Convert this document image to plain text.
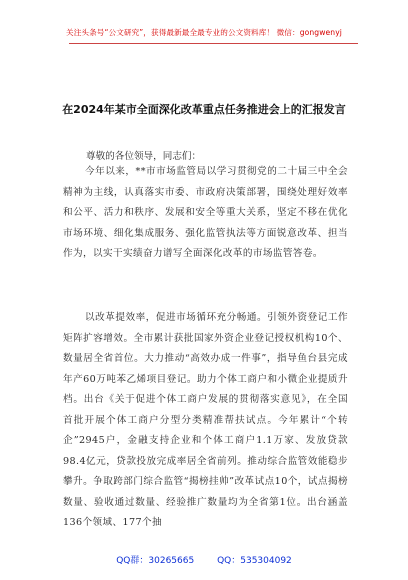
关注头条号“公文研究”，获得最新最全最专业的公文资料库！ 微信：gongwenyj
在2024年某市全面深化改革重点任务推进会上的汇报发言
尊敬的各位领导，同志们：
今年以来，**市市场监管局以学习贯彻党的二十届三中全会精神为主线，认真落实市委、市政府决策部署，围绕处理好效率和公平、活力和秩序、发展和安全等重大关系，坚定不移在优化市场环境、细化集成服务、强化监管执法等方面锐意改革、担当作为，以实干实绩奋力谱写全面深化改革的市场监管答卷。
以改革提效率，促进市场循环充分畅通。引领外资登记工作矩阵扩容增效。全市累计获批国家外资企业登记授权机构10个、数量居全省首位。大力推动“高效办成一件事”，指导鱼台县完成年产60万吨苯乙烯项目登记。助力个体工商户和小微企业提质升档。出台《关于促进个体工商户发展的贯彻落实意见》，在全国首批开展个体工商户分型分类精准帮扶试点。今年累计“个转企”2945户，金融支持企业和个体工商户1.1万家、发放贷款98.4亿元，贷款投放完成率居全省前列。推动综合监管效能稳步攀升。争取跨部门综合监管“揭榜挂帅”改革试点10个，试点揭榜数量、验收通过数量、经验推广数量均为全省第1位。出台涵盖136个领域、177个抽
QQ群：30265665	QQ：535304092
